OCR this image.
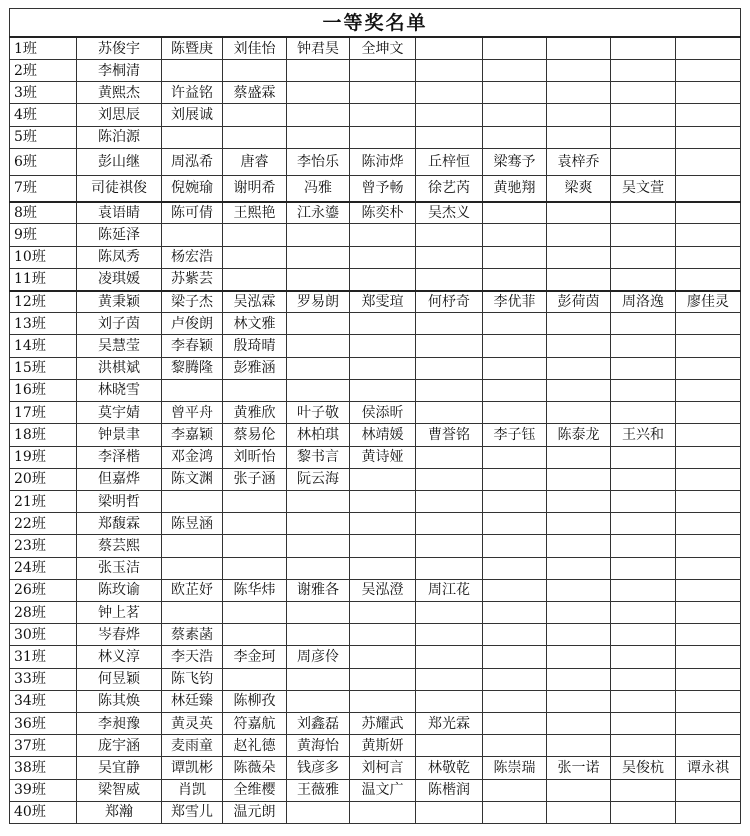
一等奖名单										
1班	苏俊宇	陈暨庚	刘佳怡	钟君昊	全坤文					
2班	李桐清									
3班	黄熙杰	许益铭	蔡盛霖							
4班	刘思辰	刘展诚								
5班	陈泊源									
6班	彭山继	周泓希	唐睿	李怡乐	陈沛烨	丘梓恒	梁骞予	袁梓乔		
7班	司徒祺俊	倪婉瑜	谢明希	冯雅	曾予畅	徐艺芮	黄驰翔	梁爽	吴文萱	
8班	袁语睛	陈可倩	王熙艳	江永鎏	陈奕朴	吴杰义				
9班	陈延泽									
10班	陈凤秀	杨宏浩								
11班	凌琪媛	苏紫芸								
12班	黄秉颖	梁子杰	吴泓霖	罗易朗	郑雯瑄	何杼奇	李优菲	彭荷茵	周洛逸	廖佳灵
13班	刘子茵	卢俊朗	林文雅							
14班	吴慧莹	李春颖	殷琦晴							
15班	洪棋斌	黎腾隆	彭雅涵							
16班	林晓雪									
17班	莫宇婧	曾平舟	黄雅欣	叶子敬	侯添昕					
18班	钟景聿	李嘉颖	蔡易伦	林柏琪	林靖媛	曹誉铭	李子钰	陈泰龙	王兴和	
19班	李泽楷	邓金鸿	刘昕怡	黎书言	黄诗娅					
20班	但嘉烨	陈文渊	张子涵	阮云海						
21班	梁明哲									
22班	郑馥霖	陈昱涵								
23班	蔡芸熙									
24班	张玉洁									
26班	陈玫谕	欧芷妤	陈华炜	谢雅各	吴泓澄	周江花				
28班	钟上茗									
30班	岑春烨	蔡素菡								
31班	林义淳	李天浩	李金珂	周彦伶						
33班	何昱颖	陈飞钧								
34班	陈其焕	林廷臻	陈柳孜							
36班	李昶豫	黄灵英	符嘉航	刘鑫磊	苏耀武	郑光霖				
37班	庞宇涵	麦雨童	赵礼德	黄海怡	黄斯妍					
38班	吴宜静	谭凯彬	陈薇朵	钱彦多	刘柯言	林敬乾	陈崇瑞	张一诺	吴俊杭	谭永祺
39班	梁智威	肖凯	全维樱	王薇雅	温文广	陈楷润				
40班	郑瀚	郑雪儿	温元朗							
